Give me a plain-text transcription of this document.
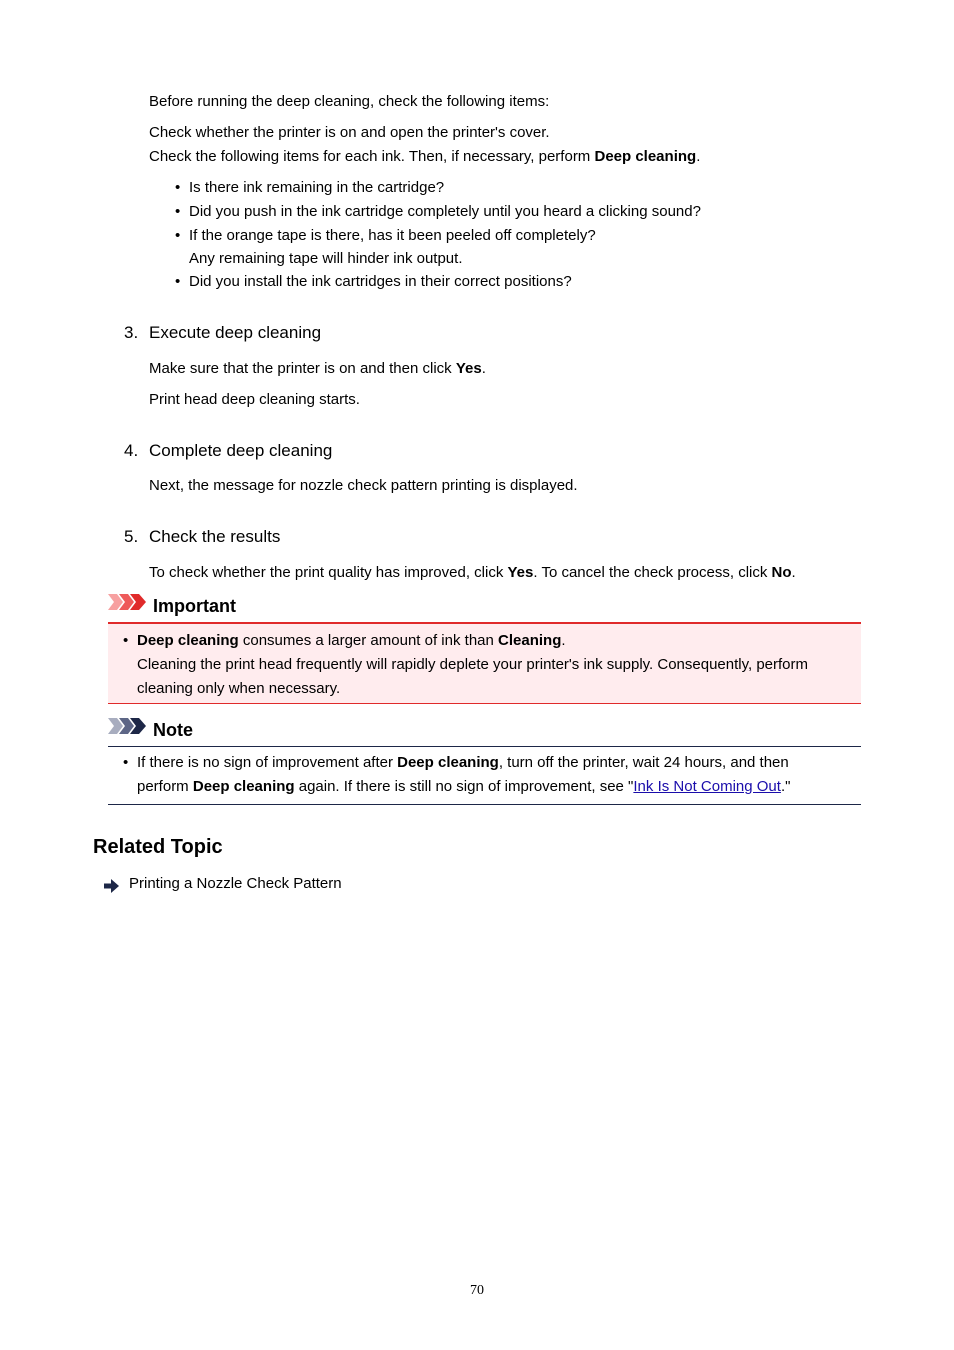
Before running the deep cleaning, check the following items:
Check whether the printer is on and open the printer's cover.
Check the following items for each ink. Then, if necessary, perform Deep cleaning.
• Is there ink remaining in the cartridge?
• Did you push in the ink cartridge completely until you heard a clicking sound?
• If the orange tape is there, has it been peeled off completely?
Any remaining tape will hinder ink output.
• Did you install the ink cartridges in their correct positions?
3. Execute deep cleaning
Make sure that the printer is on and then click Yes.
Print head deep cleaning starts.
4. Complete deep cleaning
Next, the message for nozzle check pattern printing is displayed.
5. Check the results
To check whether the print quality has improved, click Yes. To cancel the check process, click No.
Important
• Deep cleaning consumes a larger amount of ink than Cleaning.
Cleaning the print head frequently will rapidly deplete your printer's ink supply. Consequently, perform
cleaning only when necessary.
Note
• If there is no sign of improvement after Deep cleaning, turn off the printer, wait 24 hours, and then
perform Deep cleaning again. If there is still no sign of improvement, see "Ink Is Not Coming Out."
Related Topic
Printing a Nozzle Check Pattern
70
